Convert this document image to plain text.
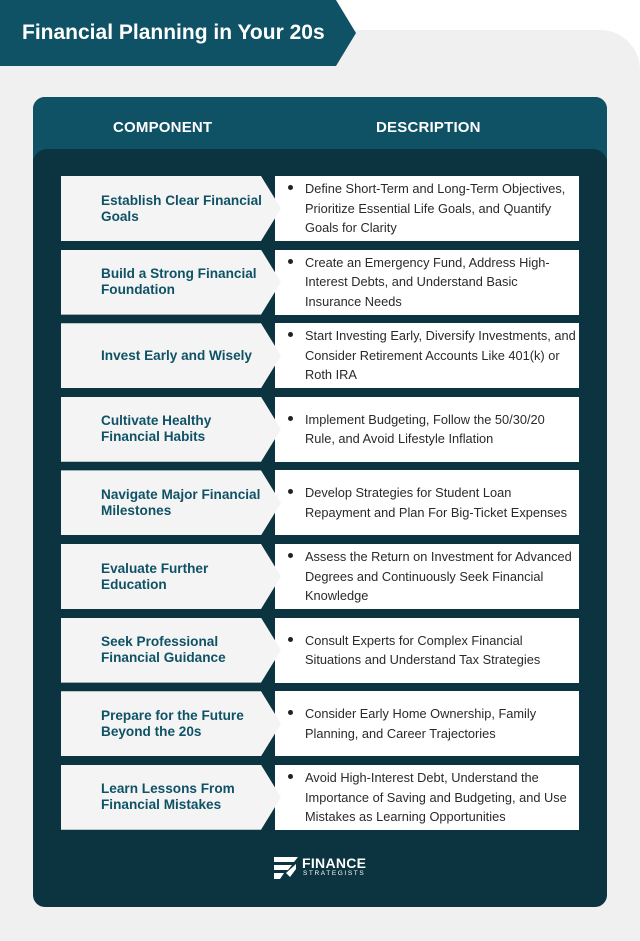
Financial Planning in Your 20s
COMPONENT	DESCRIPTION
Establish Clear Financial Goals
Define Short-Term and Long-Term Objectives, Prioritize Essential Life Goals, and Quantify Goals for Clarity
Build a Strong Financial Foundation
Create an Emergency Fund, Address High-Interest Debts, and Understand Basic Insurance Needs
Invest Early and Wisely
Start Investing Early, Diversify Investments, and Consider Retirement Accounts Like 401(k) or Roth IRA
Cultivate Healthy Financial Habits
Implement Budgeting, Follow the 50/30/20 Rule, and Avoid Lifestyle Inflation
Navigate Major Financial Milestones
Develop Strategies for Student Loan Repayment and Plan For Big-Ticket Expenses
Evaluate Further Education
Assess the Return on Investment for Advanced Degrees and Continuously Seek Financial Knowledge
Seek Professional Financial Guidance
Consult Experts for Complex Financial Situations and Understand Tax Strategies
Prepare for the Future Beyond the 20s
Consider Early Home Ownership, Family Planning, and Career Trajectories
Learn Lessons From Financial Mistakes
Avoid High-Interest Debt, Understand the Importance of Saving and Budgeting, and Use Mistakes as Learning Opportunities
FINANCE
STRATEGISTS
